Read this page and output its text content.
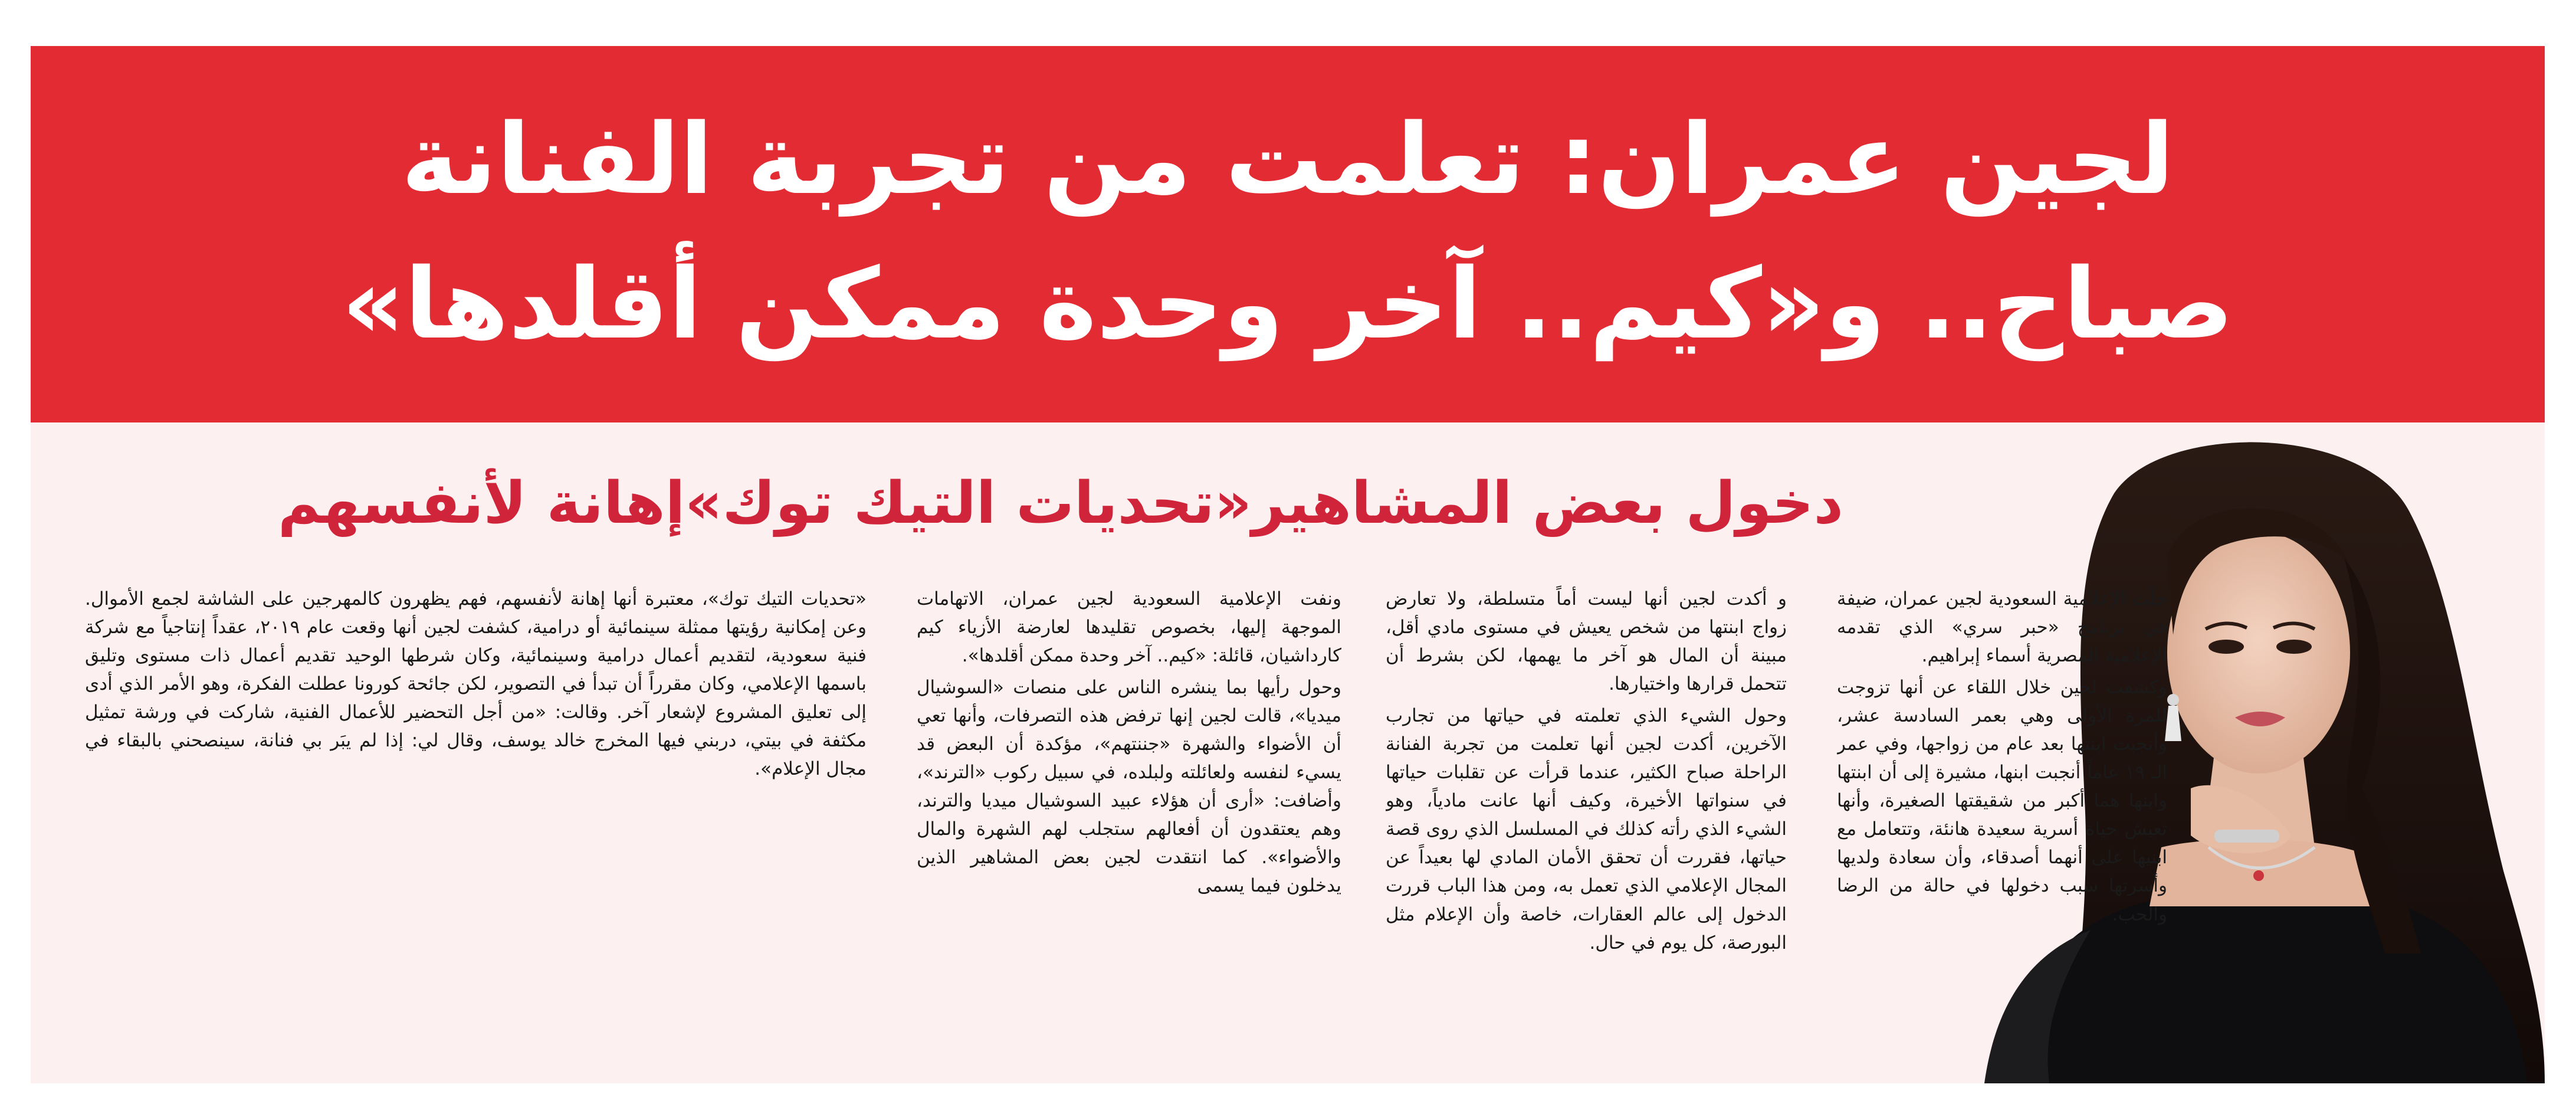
لجين عمران: تعلمت من تجربة الفنانة
صباح.. و«كيم.. آخر وحدة ممكن أقلدها»
دخول بعض المشاهير«تحديات التيك توك»إهانة لأنفسهم

حلّت الإعلامية السعودية لجين عمران، ضيفة في برنامج «حبر سري» الذي تقدمه الإعلامية المصرية أسماء إبراهيم.

وكشفت لجين خلال اللقاء عن أنها تزوجت للمرة الأولى وهي بعمر السادسة عشر، وأنجبت ابنتها بعد عام من زواجها، وفي عمر الـ ١٩ عاماً أنجبت ابنها، مشيرة إلى أن ابنتها وابنها هما أكبر من شقيقتها الصغيرة، وأنها تعيش حياة أسرية سعيدة هانئة، وتتعامل مع ابنيها على أنهما أصدقاء، وأن سعادة ولديها وأسرتها سبب دخولها في حالة من الرضا والحب.

و أكدت لجين أنها ليست أماً متسلطة، ولا تعارض زواج ابنتها من شخص يعيش في مستوى مادي أقل، مبينة أن المال هو آخر ما يهمها، لكن بشرط أن تتحمل قرارها واختيارها.

وحول الشيء الذي تعلمته في حياتها من تجارب الآخرين، أكدت لجين أنها تعلمت من تجربة الفنانة الراحلة صباح الكثير، عندما قرأت عن تقلبات حياتها في سنواتها الأخيرة، وكيف أنها عانت مادياً، وهو الشيء الذي رأته كذلك في المسلسل الذي روى قصة حياتها، فقررت أن تحقق الأمان المادي لها بعيداً عن المجال الإعلامي الذي تعمل به، ومن هذا الباب قررت الدخول إلى عالم العقارات، خاصة وأن الإعلام مثل البورصة، كل يوم في حال.

ونفت الإعلامية السعودية لجين عمران، الاتهامات الموجهة إليها، بخصوص تقليدها لعارضة الأزياء كيم كارداشيان، قائلة: «كيم.. آخر وحدة ممكن أقلدها».

وحول رأيها بما ينشره الناس على منصات «السوشيال ميديا»، قالت لجين إنها ترفض هذه التصرفات، وأنها تعي أن الأضواء والشهرة «جننتهم»، مؤكدة أن البعض قد يسيء لنفسه ولعائلته ولبلده، في سبيل ركوب «الترند»، وأضافت: «أرى أن هؤلاء عبيد السوشيال ميديا والترند، وهم يعتقدون أن أفعالهم ستجلب لهم الشهرة والمال والأضواء». كما انتقدت لجين بعض المشاهير الذين يدخلون فيما يسمى

«تحديات التيك توك»، معتبرة أنها إهانة لأنفسهم، فهم يظهرون كالمهرجين على الشاشة لجمع الأموال. وعن إمكانية رؤيتها ممثلة سينمائية أو درامية، كشفت لجين أنها وقعت عام ٢٠١٩، عقداً إنتاجياً مع شركة فنية سعودية، لتقديم أعمال درامية وسينمائية، وكان شرطها الوحيد تقديم أعمال ذات مستوى وتليق باسمها الإعلامي، وكان مقرراً أن تبدأ في التصوير، لكن جائحة كورونا عطلت الفكرة، وهو الأمر الذي أدى إلى تعليق المشروع لإشعار آخر. وقالت: «من أجل التحضير للأعمال الفنية، شاركت في ورشة تمثيل مكثفة في بيتي، دربني فيها المخرج خالد يوسف، وقال لي: إذا لم يبَر بي فنانة، سينصحني بالبقاء في مجال الإعلام».
